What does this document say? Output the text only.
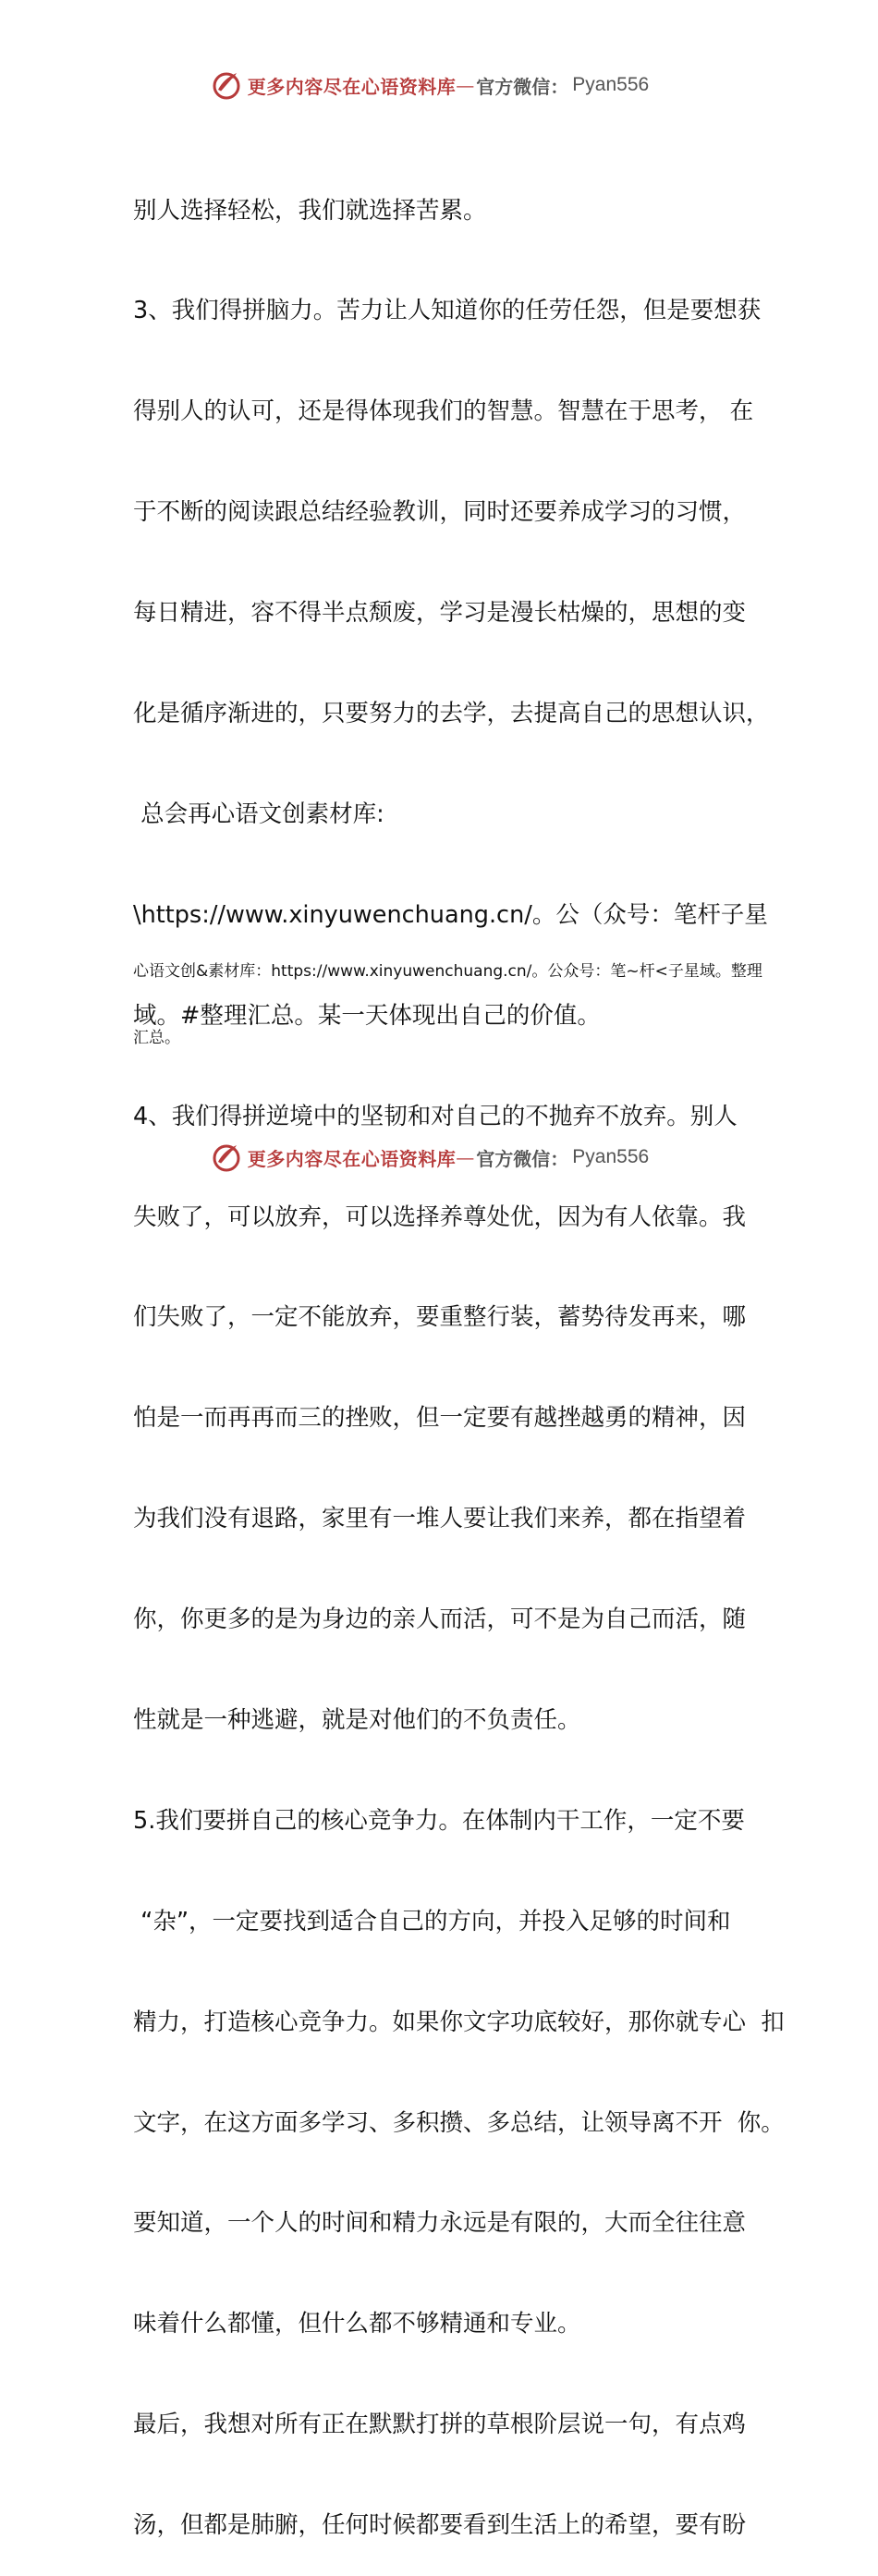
更多内容尽在心语资料库 — 官方微信： Pyan556

别人选择轻松，我们就选择苦累。

3、我们得拼脑力。苦力让人知道你的任劳任怨，但是要想获

得别人的认可，还是得体现我们的智慧。智慧在于思考， 在

于不断的阅读跟总结经验教训，同时还要养成学习的习惯，

每日精进，容不得半点颓废，学习是漫长枯燥的，思想的变

化是循序渐进的，只要努力的去学，去提高自己的思想认识，

总会再心语文创素材库:

\https://www.xinyuwenchuang.cn/。公（众号：笔杆子星

域。#整理汇总。某一天体现出自己的价值。

4、我们得拼逆境中的坚韧和对自己的不抛弃不放弃。别人

失败了，可以放弃，可以选择养尊处优，因为有人依靠。我

们失败了，一定不能放弃，要重整行装，蓄势待发再来，哪

怕是一而再再而三的挫败，但一定要有越挫越勇的精神，因

为我们没有退路，家里有一堆人要让我们来养，都在指望着

你，你更多的是为身边的亲人而活，可不是为自己而活，随

性就是一种逃避，就是对他们的不负责任。

5.我们要拼自己的核心竞争力。在体制内干工作，一定不要

“杂”，一定要找到适合自己的方向，并投入足够的时间和

精力，打造核心竞争力。如果你文字功底较好，那你就专心  扣

文字，在这方面多学习、多积攒、多总结，让领导离不开  你。

要知道，一个人的时间和精力永远是有限的，大而全往往意

味着什么都懂，但什么都不够精通和专业。

最后，我想对所有正在默默打拼的草根阶层说一句，有点鸡

汤，但都是肺腑，任何时候都要看到生活上的希望，要有盼

心语文创&素材库：https://www.xinyuwenchuang.cn/。公众号：笔~杆<子星域。整理

汇总。

更多内容尽在心语资料库 — 官方微信： Pyan556
